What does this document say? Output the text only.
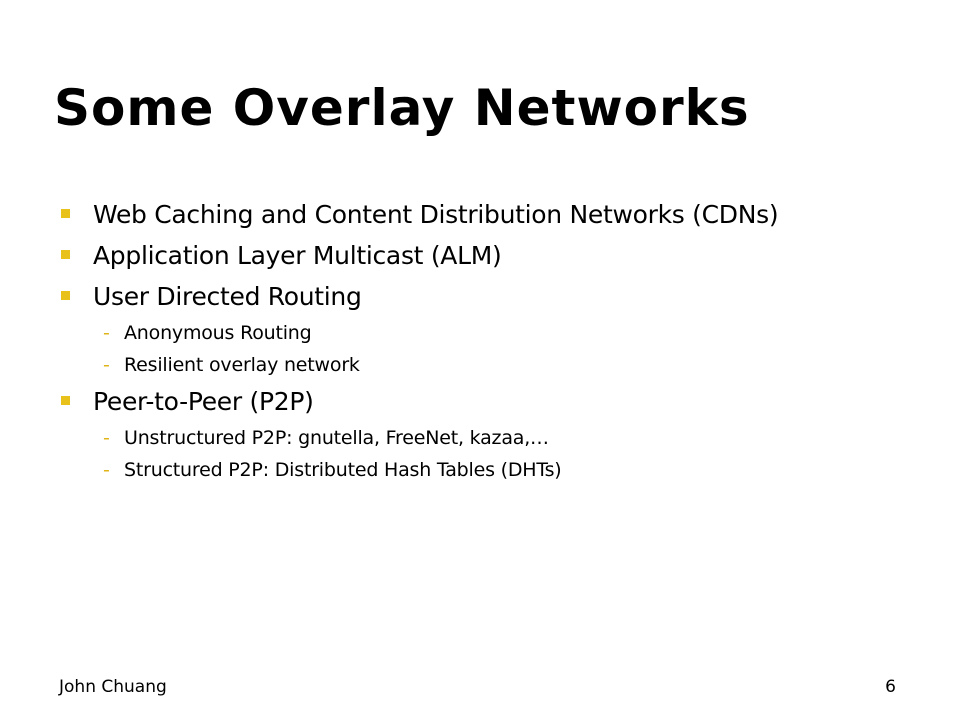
Some Overlay Networks
Web Caching and Content Distribution Networks (CDNs)
Application Layer Multicast (ALM)
User Directed Routing
- Anonymous Routing
- Resilient overlay network
Peer-to-Peer (P2P)
- Unstructured P2P: gnutella, FreeNet, kazaa,…
- Structured P2P: Distributed Hash Tables (DHTs)
John Chuang	6
